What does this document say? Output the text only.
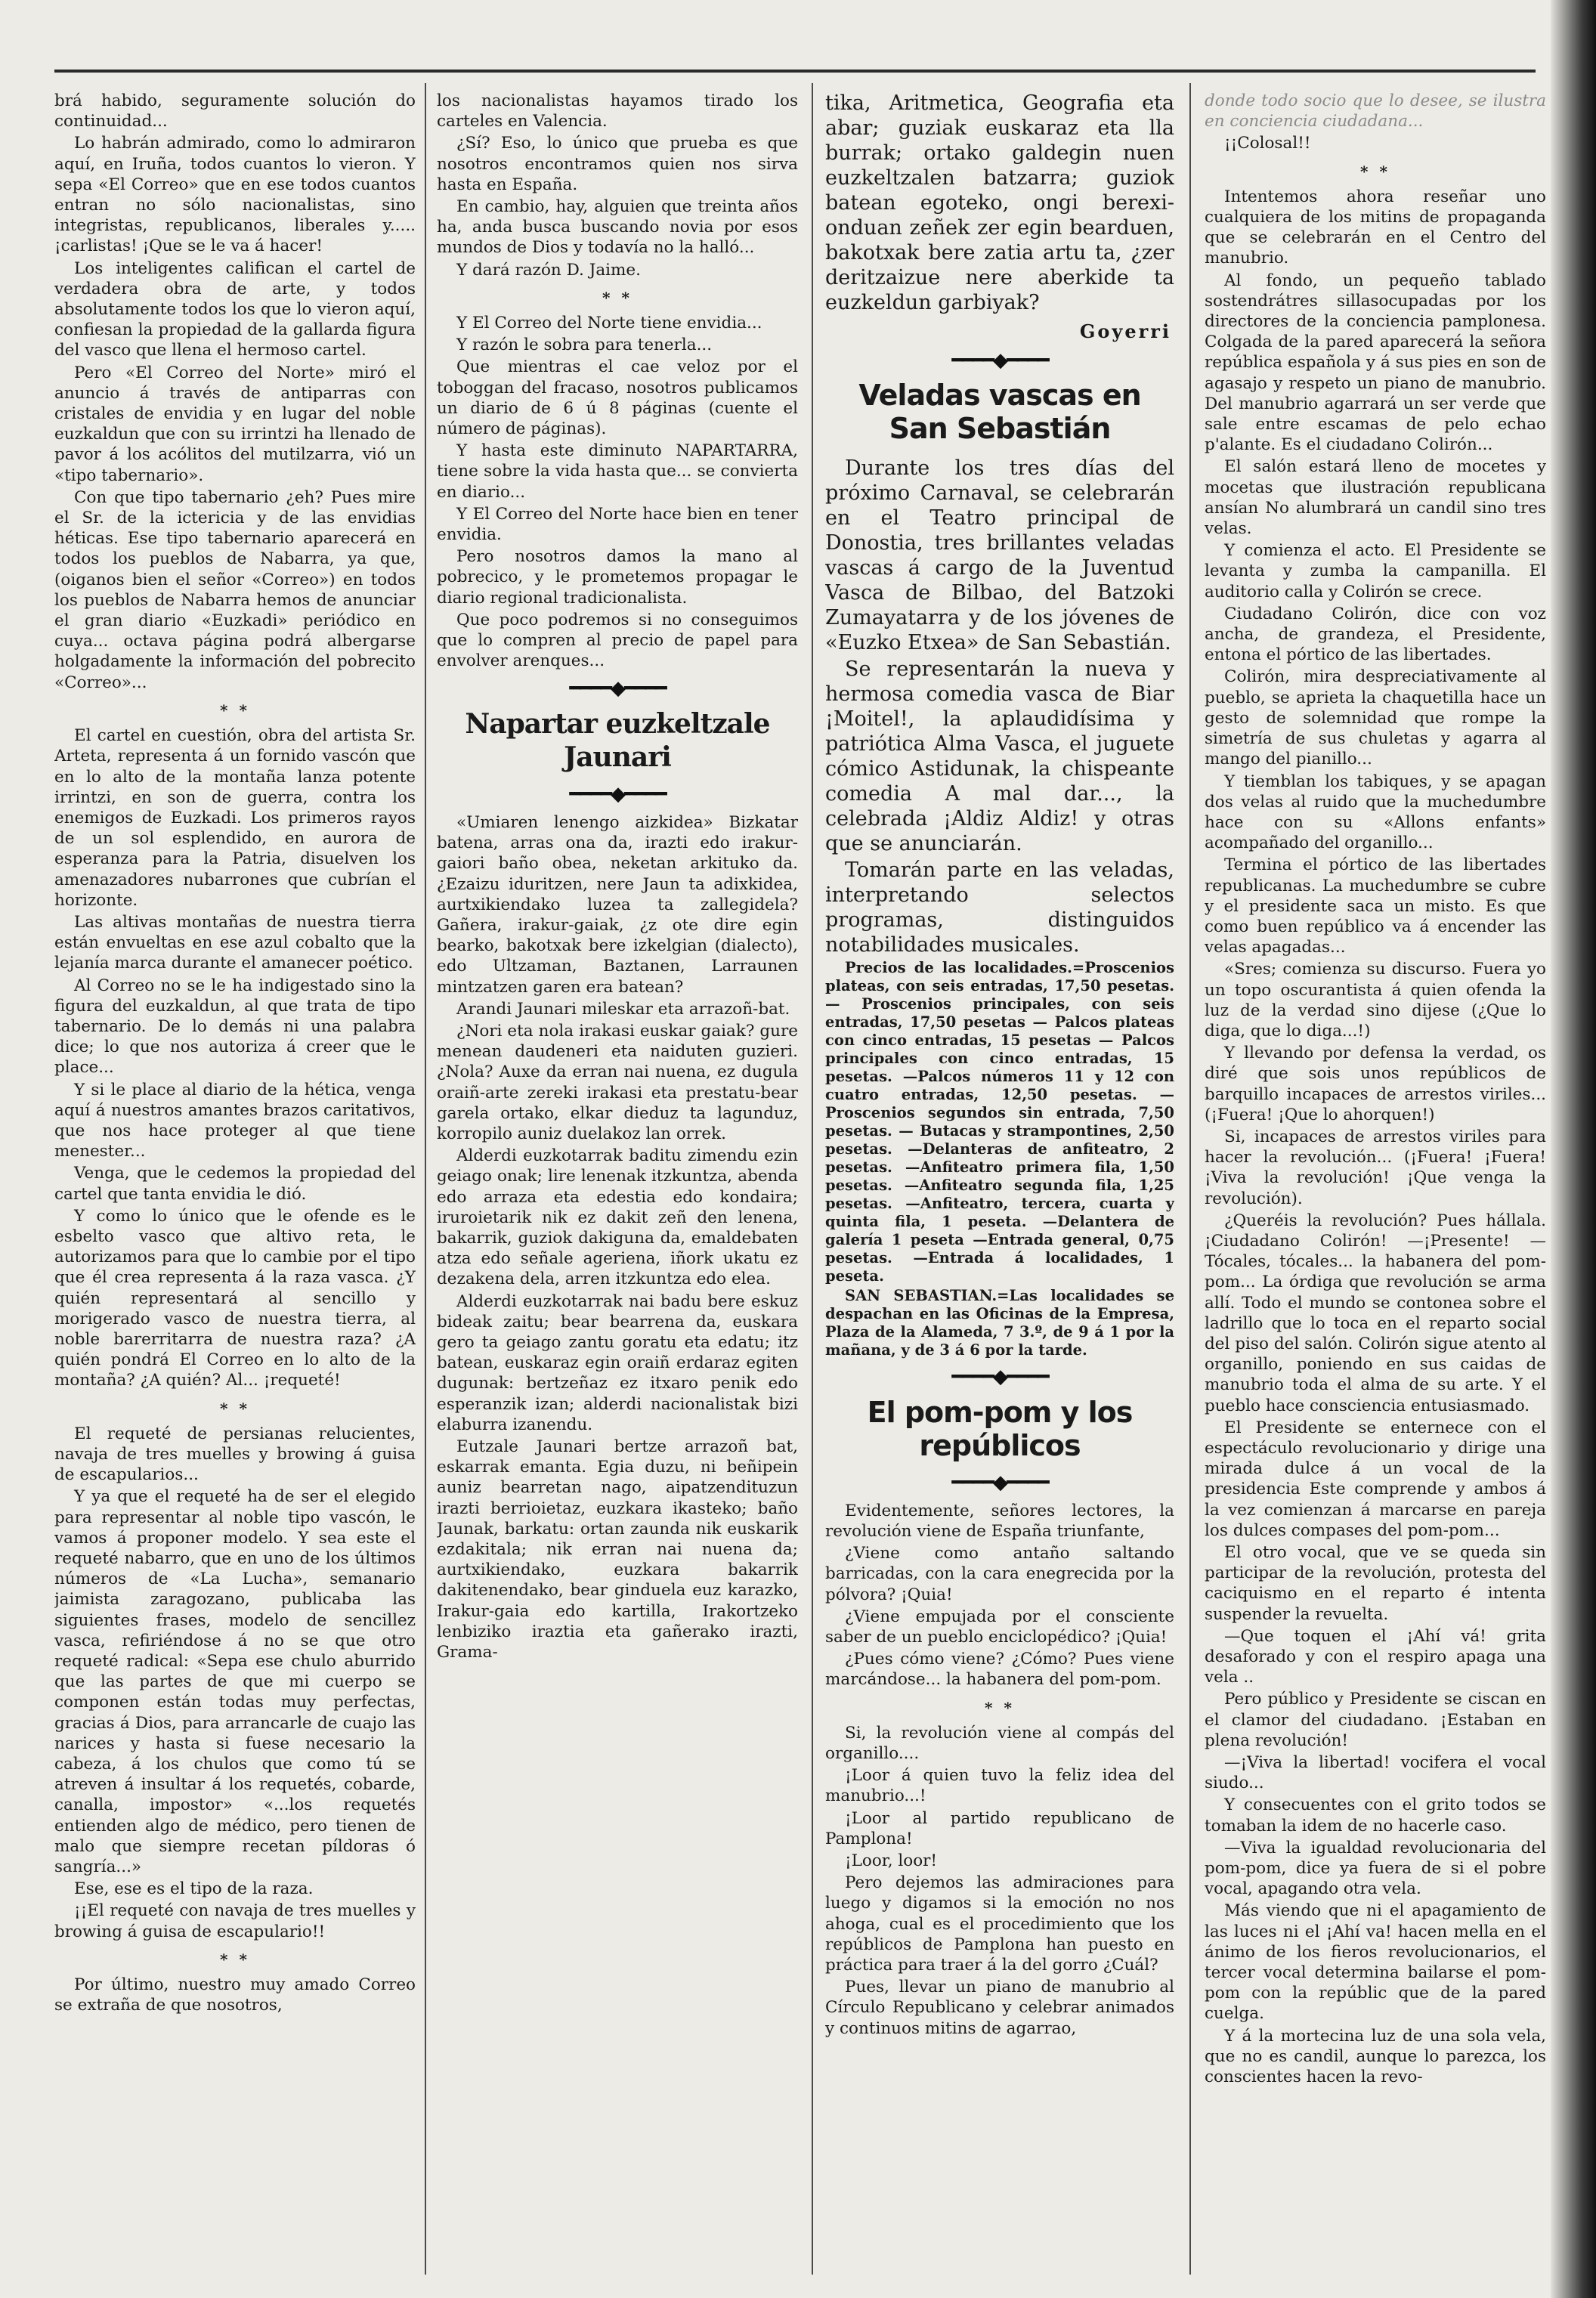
brá habido, seguramente solución do continuidad...

Lo habrán admirado, como lo admiraron aquí, en Iruña, todos cuantos lo vieron. Y sepa «El Correo» que en ese todos cuantos entran no sólo nacionalistas, sino integristas, republicanos, liberales y..... ¡carlistas! ¡Que se le va á hacer!

Los inteligentes califican el cartel de verdadera obra de arte, y todos absolutamente todos los que lo vieron aquí, confiesan la propiedad de la gallarda figura del vasco que llena el hermoso cartel.

Pero «El Correo del Norte» miró el anuncio á través de antiparras con cristales de envidia y en lugar del noble euzkaldun que con su irrintzi ha llenado de pavor á los acólitos del mutilzarra, vió un «tipo tabernario».

Con que tipo tabernario ¿eh? Pues mire el Sr. de la ictericia y de las envidias héticas. Ese tipo tabernario aparecerá en todos los pueblos de Nabarra, ya que, (oiganos bien el señor «Correo») en todos los pueblos de Nabarra hemos de anunciar el gran diario «Euzkadi» periódico en cuya... octava página podrá albergarse holgadamente la información del pobrecito «Correo»...

* *

El cartel en cuestión, obra del artista Sr. Arteta, representa á un fornido vascón que en lo alto de la montaña lanza potente irrintzi, en son de guerra, contra los enemigos de Euzkadi. Los primeros rayos de un sol esplendido, en aurora de esperanza para la Patria, disuelven los amenazadores nubarrones que cubrían el horizonte.

Las altivas montañas de nuestra tierra están envueltas en ese azul cobalto que la lejanía marca durante el amanecer poético.

Al Correo no se le ha indigestado sino la figura del euzkaldun, al que trata de tipo tabernario. De lo demás ni una palabra dice; lo que nos autoriza á creer que le place...

Y si le place al diario de la hética, venga aquí á nuestros amantes brazos caritativos, que nos hace proteger al que tiene menester...

Venga, que le cedemos la propiedad del cartel que tanta envidia le dió.

Y como lo único que le ofende es le esbelto vasco que altivo reta, le autorizamos para que lo cambie por el tipo que él crea representa á la raza vasca. ¿Y quién representará al sencillo y morigerado vasco de nuestra tierra, al noble barerritarra de nuestra raza? ¿A quién pondrá El Correo en lo alto de la montaña? ¿A quién? Al... ¡requeté!

* *

El requeté de persianas relucientes, navaja de tres muelles y browing á guisa de escapularios...

Y ya que el requeté ha de ser el elegido para representar al noble tipo vascón, le vamos á proponer modelo. Y sea este el requeté nabarro, que en uno de los últimos números de «La Lucha», semanario jaimista zaragozano, publicaba las siguientes frases, modelo de sencillez vasca, refiriéndose á no se que otro requeté radical: «Sepa ese chulo aburrido que las partes de que mi cuerpo se componen están todas muy perfectas, gracias á Dios, para arrancarle de cuajo las narices y hasta si fuese necesario la cabeza, á los chulos que como tú se atreven á insultar á los requetés, cobarde, canalla, impostor» «...los requetés entienden algo de médico, pero tienen de malo que siempre recetan píldoras ó sangría...»

Ese, ese es el tipo de la raza.

¡¡El requeté con navaja de tres muelles y browing á guisa de escapulario!!

* *

Por último, nuestro muy amado Correo se extraña de que nosotros,

los nacionalistas hayamos tirado los carteles en Valencia.

¿Sí? Eso, lo único que prueba es que nosotros encontramos quien nos sirva hasta en España.

En cambio, hay, alguien que treinta años ha, anda busca buscando novia por esos mundos de Dios y todavía no la halló...

Y dará razón D. Jaime.

* *

Y El Correo del Norte tiene envidia...

Y razón le sobra para tenerla...

Que mientras el cae veloz por el toboggan del fracaso, nosotros publicamos un diario de 6 ú 8 páginas (cuente el número de páginas).

Y hasta este diminuto NAPARTARRA, tiene sobre la vida hasta que... se convierta en diario...

Y El Correo del Norte hace bien en tener envidia.

Pero nosotros damos la mano al pobrecico, y le prometemos propagar le diario regional tradicionalista.

Que poco podremos si no conseguimos que lo compren al precio de papel para envolver arenques...

━━━━◆━━━━
Napartar euzkeltzale Jaunari
━━━━◆━━━━

«Umiaren lenengo aizkidea» Bizkatar batena, arras ona da, irazti edo irakur-gaiori baño obea, neketan arkituko da. ¿Ezaizu iduritzen, nere Jaun ta adixkidea, aurtxikiendako luzea ta zallegidela? Gañera, irakur-gaiak, ¿z ote dire egin bearko, bakotxak bere izkelgian (dialecto), edo Ultzaman, Baztanen, Larraunen mintzatzen garen era batean?

Arandi Jaunari mileskar eta arrazoñ-bat.

¿Nori eta nola irakasi euskar gaiak? gure menean daudeneri eta naiduten guzieri. ¿Nola? Auxe da erran nai nuena, ez dugula oraiñ-arte zereki irakasi eta prestatu-bear garela ortako, elkar dieduz ta lagunduz, korropilo auniz duelakoz lan orrek.

Alderdi euzkotarrak baditu zimendu ezin geiago onak; lire lenenak itzkuntza, abenda edo arraza eta edestia edo kondaira; iruroietarik nik ez dakit zeñ den lenena, bakarrik, guziok dakiguna da, emaldebaten atza edo señale ageriena, iñork ukatu ez dezakena dela, arren itzkuntza edo elea.

Alderdi euzkotarrak nai badu bere eskuz bideak zaitu; bear bearrena da, euskara gero ta geiago zantu goratu eta edatu; itz batean, euskaraz egin oraiñ erdaraz egiten dugunak: bertzeñaz ez itxaro penik edo esperanzik izan; alderdi nacionalistak bizi elaburra izanendu.

Eutzale Jaunari bertze arrazoñ bat, eskarrak emanta. Egia duzu, ni beñipein auniz bearretan nago, aipatzendituzun irazti berrioietaz, euzkara ikasteko; baño Jaunak, barkatu: ortan zaunda nik euskarik ezdakitala; nik erran nai nuena da; aurtxikiendako, euzkara bakarrik dakitenendako, bear ginduela euz karazko, Irakur-gaia edo kartilla, Irakortzeko lenbiziko iraztia eta gañerako irazti, Grama-

tika, Aritmetica, Geografia eta abar; guziak euskaraz eta lla burrak; ortako galdegin nuen euzkeltzalen batzarra; guziok batean egoteko, ongi berexi-onduan zeñek zer egin bearduen, bakotxak bere zatia artu ta, ¿zer deritzaizue nere aberkide ta euzkeldun garbiyak?

Goyerri
━━━━◆━━━━
Veladas vascas en San Sebastián

Durante los tres días del próximo Carnaval, se celebrarán en el Teatro principal de Donostia, tres brillantes veladas vascas á cargo de la Juventud Vasca de Bilbao, del Batzoki Zumayatarra y de los jóvenes de «Euzko Etxea» de San Sebastián.

Se representarán la nueva y hermosa comedia vasca de Biar ¡Moitel!, la aplaudidísima y patriótica Alma Vasca, el juguete cómico Astidunak, la chispeante comedia A mal dar..., la celebrada ¡Aldiz Aldiz! y otras que se anunciarán.

Tomarán parte en las veladas, interpretando selectos programas, distinguidos notabilidades musicales.

Precios de las localidades.=Proscenios plateas, con seis entradas, 17,50 pesetas. — Proscenios principales, con seis entradas, 17,50 pesetas — Palcos plateas con cinco entradas, 15 pesetas — Palcos principales con cinco entradas, 15 pesetas. —Palcos números 11 y 12 con cuatro entradas, 12,50 pesetas. —Proscenios segundos sin entrada, 7,50 pesetas. — Butacas y strampontines, 2,50 pesetas. —Delanteras de anfiteatro, 2 pesetas. —Anfiteatro primera fila, 1,50 pesetas. —Anfiteatro segunda fila, 1,25 pesetas. —Anfiteatro, tercera, cuarta y quinta fila, 1 peseta. —Delantera de galería 1 peseta —Entrada general, 0,75 pesetas. —Entrada á localidades, 1 peseta.

SAN SEBASTIAN.=Las localidades se despachan en las Oficinas de la Empresa, Plaza de la Alameda, 7 3.º, de 9 á 1 por la mañana, y de 3 á 6 por la tarde.

━━━━◆━━━━
El pom-pom y los repúblicos
━━━━◆━━━━

Evidentemente, señores lectores, la revolución viene de España triunfante,

¿Viene como antaño saltando barricadas, con la cara enegrecida por la pólvora? ¡Quia!

¿Viene empujada por el consciente saber de un pueblo enciclopédico? ¡Quia!

¿Pues cómo viene? ¿Cómo? Pues viene marcándose... la habanera del pom-pom.

* *

Si, la revolución viene al compás del organillo....

¡Loor á quien tuvo la feliz idea del manubrio...!

¡Loor al partido republicano de Pamplona!

¡Loor, loor!

Pero dejemos las admiraciones para luego y digamos si la emoción no nos ahoga, cual es el procedimiento que los repúblicos de Pamplona han puesto en práctica para traer á la del gorro ¿Cuál?

Pues, llevar un piano de manubrio al Círculo Republicano y celebrar animados y continuos mitins de agarrao,

donde todo socio que lo desee, se ilustra en conciencia ciudadana...

¡¡Colosal!!

* *

Intentemos ahora reseñar uno cualquiera de los mitins de propaganda que se celebrarán en el Centro del manubrio.

Al fondo, un pequeño tablado sostendrátres sillasocupadas por los directores de la conciencia pamplonesa. Colgada de la pared aparecerá la señora república española y á sus pies en son de agasajo y respeto un piano de manubrio. Del manubrio agarrará un ser verde que sale entre escamas de pelo echao p'alante. Es el ciudadano Colirón...

El salón estará lleno de mocetes y mocetas que ilustración republicana ansían No alumbrará un candil sino tres velas.

Y comienza el acto. El Presidente se levanta y zumba la campanilla. El auditorio calla y Colirón se crece.

Ciudadano Colirón, dice con voz ancha, de grandeza, el Presidente, entona el pórtico de las libertades.

Colirón, mira despreciativamente al pueblo, se aprieta la chaquetilla hace un gesto de solemnidad que rompe la simetría de sus chuletas y agarra al mango del pianillo...

Y tiemblan los tabiques, y se apagan dos velas al ruido que la muchedumbre hace con su «Allons enfants» acompañado del organillo...

Termina el pórtico de las libertades republicanas. La muchedumbre se cubre y el presidente saca un misto. Es que como buen repúblico va á encender las velas apagadas...

«Sres; comienza su discurso. Fuera yo un topo oscurantista á quien ofenda la luz de la verdad sino dijese (¿Que lo diga, que lo diga...!)

Y llevando por defensa la verdad, os diré que sois unos repúblicos de barquillo incapaces de arrestos viriles... (¡Fuera! ¡Que lo ahorquen!)

Si, incapaces de arrestos viriles para hacer la revolución... (¡Fuera! ¡Fuera! ¡Viva la revolución! ¡Que venga la revolución).

¿Queréis la revolución? Pues hállala. ¡Ciudadano Colirón! —¡Presente! —Tócales, tócales... la habanera del pom-pom... La órdiga que revolución se arma allí. Todo el mundo se contonea sobre el ladrillo que lo toca en el reparto social del piso del salón. Colirón sigue atento al organillo, poniendo en sus caidas de manubrio toda el alma de su arte. Y el pueblo hace consciencia entusiasmado.

El Presidente se enternece con el espectáculo revolucionario y dirige una mirada dulce á un vocal de la presidencia Este comprende y ambos á la vez comienzan á marcarse en pareja los dulces compases del pom-pom...

El otro vocal, que ve se queda sin participar de la revolución, protesta del caciquismo en el reparto é intenta suspender la revuelta.

—Que toquen el ¡Ahí vá! grita desaforado y con el respiro apaga una vela ..

Pero público y Presidente se ciscan en el clamor del ciudadano. ¡Estaban en plena revolución!

—¡Viva la libertad! vocifera el vocal siudo...

Y consecuentes con el grito todos se tomaban la idem de no hacerle caso.

—Viva la igualdad revolucionaria del pom-pom, dice ya fuera de si el pobre vocal, apagando otra vela.

Más viendo que ni el apagamiento de las luces ni el ¡Ahí va! hacen mella en el ánimo de los fieros revolucionarios, el tercer vocal determina bailarse el pom-pom con la repúblic que de la pared cuelga.

Y á la mortecina luz de una sola vela, que no es candil, aunque lo parezca, los conscientes hacen la revo-
